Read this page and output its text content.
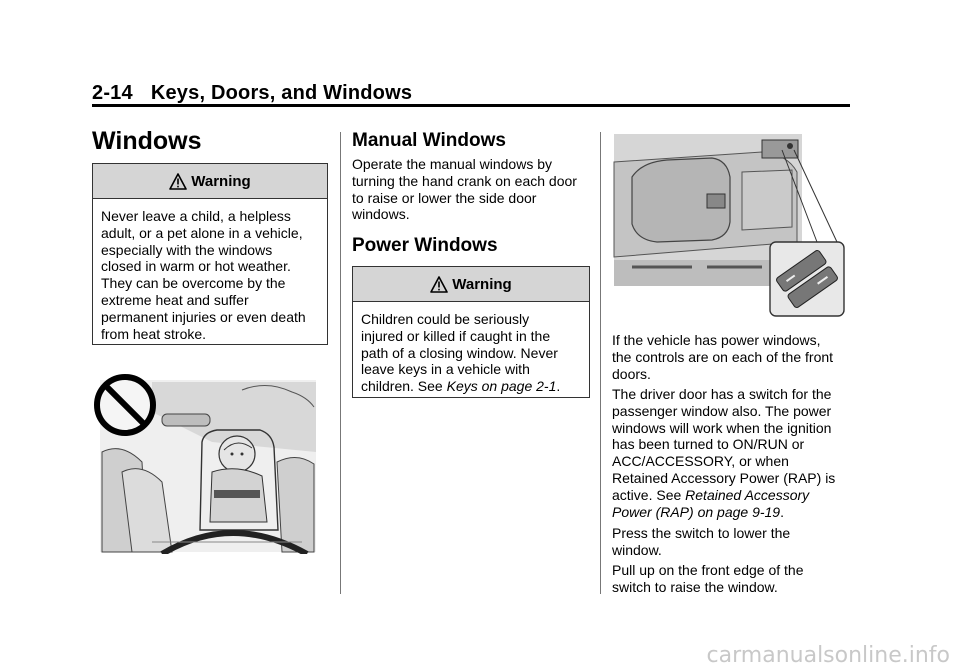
2-14 Keys, Doors, and Windows
Windows
Warning
Never leave a child, a helpless
adult, or a pet alone in a vehicle,
especially with the windows
closed in warm or hot weather.
They can be overcome by the
extreme heat and suffer
permanent injuries or even death
from heat stroke.
Manual Windows
Operate the manual windows by
turning the hand crank on each door
to raise or lower the side door
windows.
Power Windows
Warning
Children could be seriously
injured or killed if caught in the
path of a closing window. Never
leave keys in a vehicle with
children. See Keys on page 2-1.
If the vehicle has power windows,
the controls are on each of the front
doors.
The driver door has a switch for the
passenger window also. The power
windows will work when the ignition
has been turned to ON/RUN or
ACC/ACCESSORY, or when
Retained Accessory Power (RAP) is
active. See Retained Accessory
Power (RAP) on page 9-19.
Press the switch to lower the
window.
Pull up on the front edge of the
switch to raise the window.
carmanualsonline.info
